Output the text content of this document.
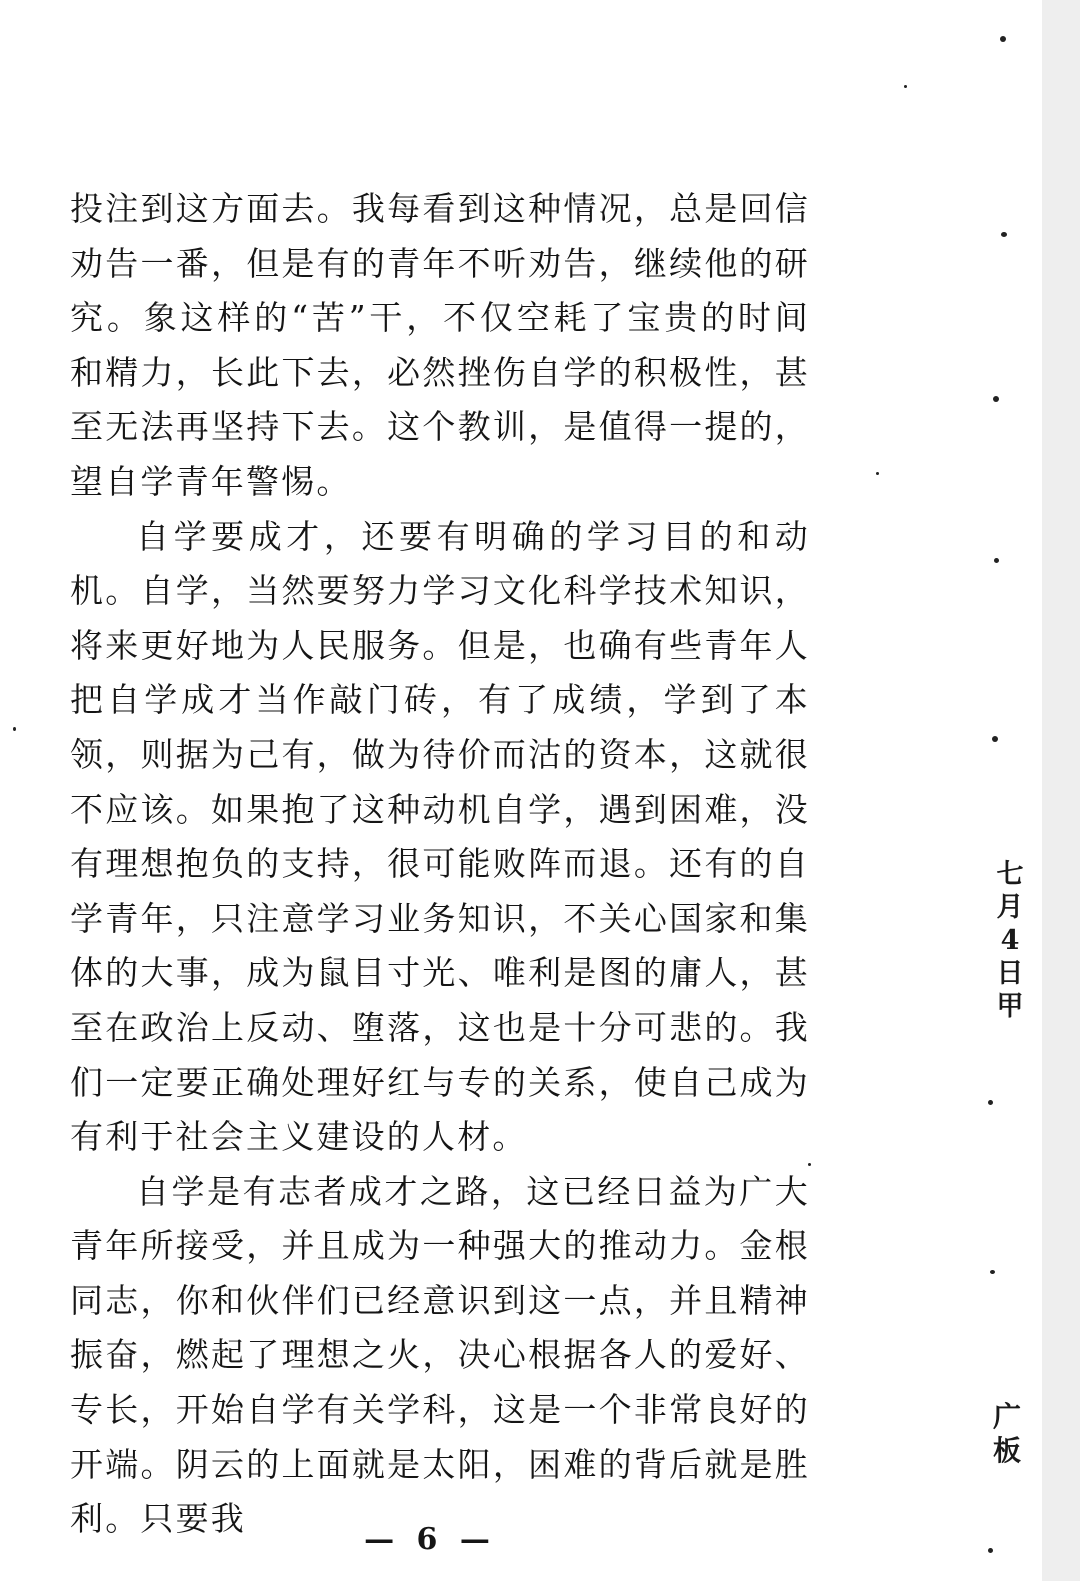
投注到这方面去。我每看到这种情况，总是回信劝告一番，但是有的青年不听劝告，继续他的研究。象这样的“苦”干，不仅空耗了宝贵的时间和精力，长此下去，必然挫伤自学的积极性，甚至无法再坚持下去。这个教训，是值得一提的，望自学青年警惕。

自学要成才，还要有明确的学习目的和动机。自学，当然要努力学习文化科学技术知识，将来更好地为人民服务。但是，也确有些青年人把自学成才当作敲门砖，有了成绩，学到了本领，则据为己有，做为待价而沽的资本，这就很不应该。如果抱了这种动机自学，遇到困难，没有理想抱负的支持，很可能败阵而退。还有的自学青年，只注意学习业务知识，不关心国家和集体的大事，成为鼠目寸光、唯利是图的庸人，甚至在政治上反动、堕落，这也是十分可悲的。我们一定要正确处理好红与专的关系，使自己成为有利于社会主义建设的人材。

自学是有志者成才之路，这已经日益为广大青年所接受，并且成为一种强大的推动力。金根同志，你和伙伴们已经意识到这一点，并且精神振奋，燃起了理想之火，决心根据各人的爱好、专长，开始自学有关学科，这是一个非常良好的开端。阴云的上面就是太阳，困难的背后就是胜利。只要我

— 6 —
七
月
4
日
甲
广
板
